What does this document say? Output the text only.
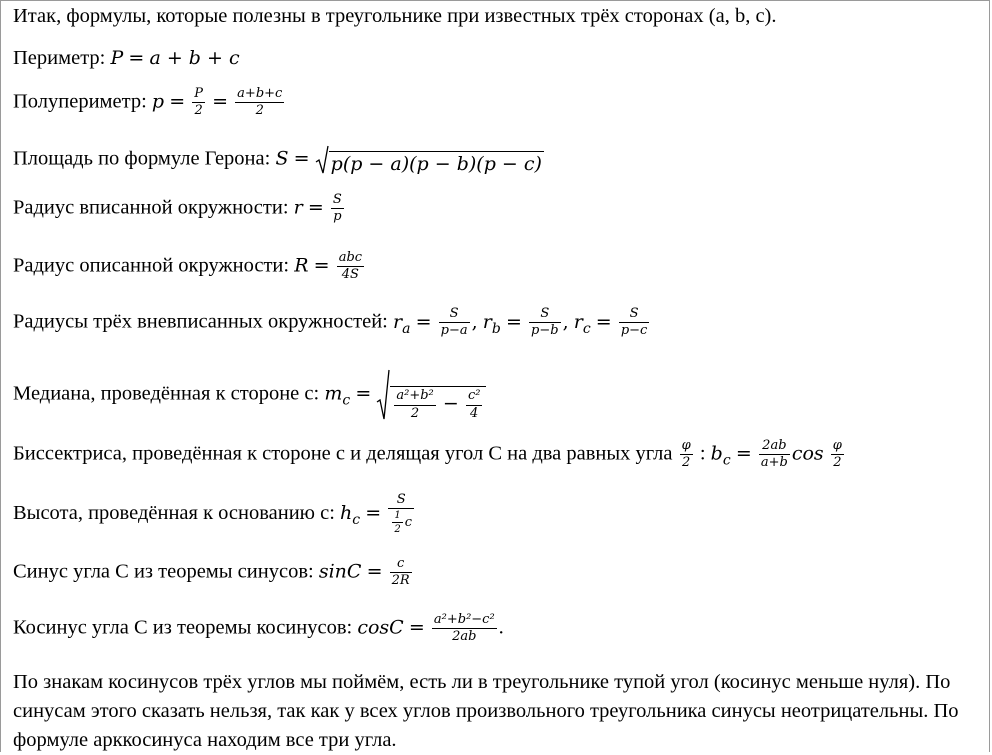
Итак, формулы, которые полезны в треугольнике при известных трёх сторонах (a, b, c).
Периметр: P = a + b + c
Полупериметр: $p = \frac{P}{2} = \frac{a+b+c}{2}$
Площадь по формуле Герона: S = p(p − a)(p − b)(p − c)
Радиус вписанной окружности: $r = \frac{S}{p}$
Радиус описанной окружности: $R = \frac{\text{abc}}{4S}$
Радиусы трёх вневписанных окружностей: $r_a = \frac{S}{p-a}$ , $r_b = \frac{S}{p-b}$ , $r_c = \frac{S}{p-c}$
Медиана, проведённая к стороне с: $m_c = \frac{\text{a²+b²}}{2} - \frac{\text{c²}}{4}$
Биссектриса, проведённая к стороне с и делящая угол С на два равных угла $\frac{\varphi}{2}$ : $b_c = \frac{2ab}{a+b}$ $\cos \frac{\varphi}{2}$
Высота, проведённая к основанию с: $h_c = \frac{S}{\frac{1}{2} c}$
Синус угла С из теоремы синусов: $\sin C = \frac{c}{2R}$
Косинус угла С из теоремы косинусов: $\cos C = \frac{\text{a²+b²−c²}}{2ab}$ .
По знакам косинусов трёх углов мы поймём, есть ли в треугольнике тупой угол (косинус меньше нуля). По синусам этого сказать нельзя, так как у всех углов произвольного треугольника синусы неотрицательны. По формуле арккосинуса находим все три угла.
